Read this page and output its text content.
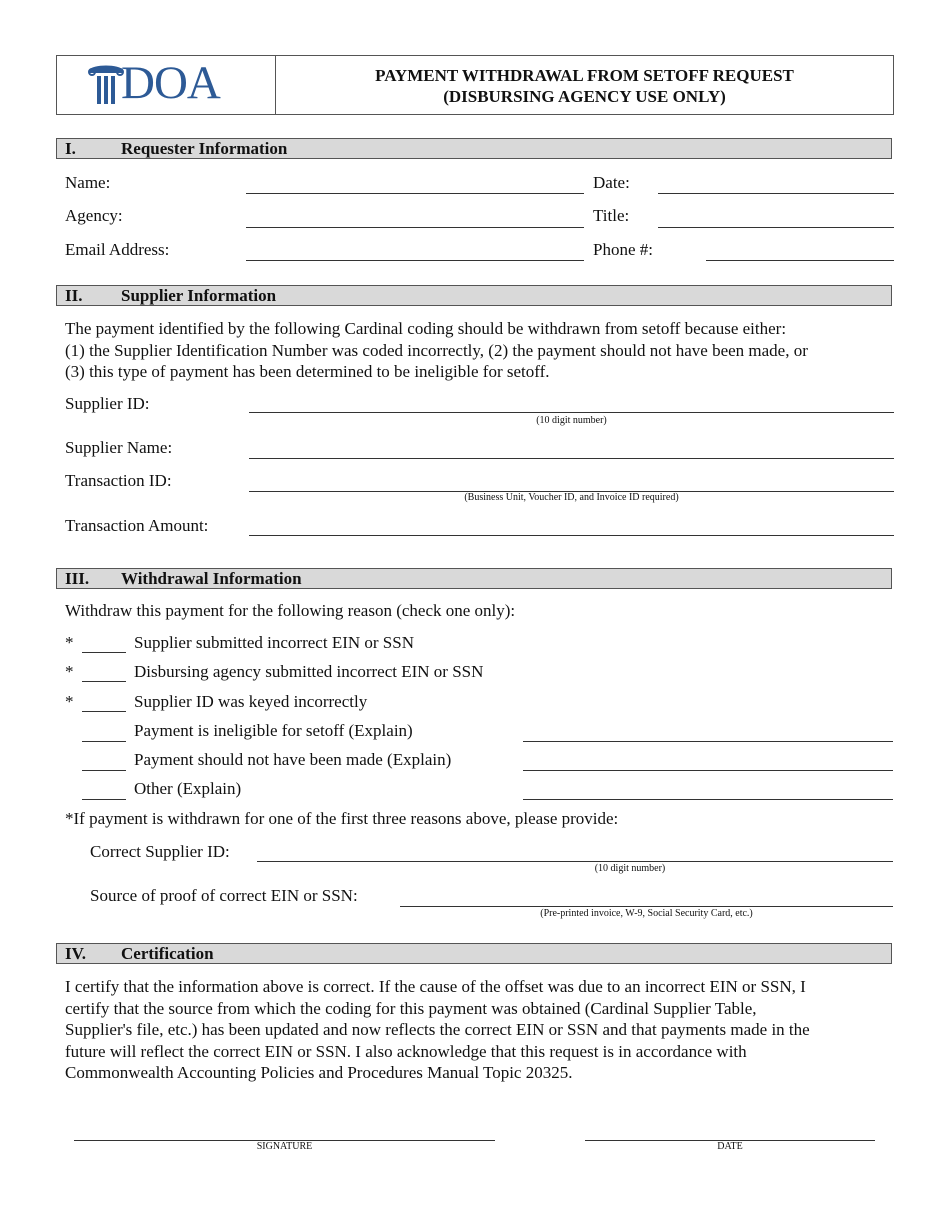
DOA	PAYMENT WITHDRAWAL FROM SETOFF REQUEST
(DISBURSING AGENCY USE ONLY)
I.	Requester Information
Name:	Date:
Agency:	Title:
Email Address:	Phone #:
II. Supplier Information
The payment identified by the following Cardinal coding should be withdrawn from setoff because either:
(1) the Supplier Identification Number was coded incorrectly, (2) the payment should not have been made, or
(3) this type of payment has been determined to be ineligible for setoff.
Supplier ID:
(10 digit number)
Supplier Name:
Transaction ID:
(Business Unit, Voucher ID, and Invoice ID required)
Transaction Amount:
III. Withdrawal Information
Withdraw this payment for the following reason (check one only):
*	Supplier submitted incorrect EIN or SSN
*	Disbursing agency submitted incorrect EIN or SSN
*	Supplier ID was keyed incorrectly
Payment is ineligible for setoff (Explain)
Payment should not have been made (Explain)
Other (Explain)
*If payment is withdrawn for one of the first three reasons above, please provide:
Correct Supplier ID:
(10 digit number)
Source of proof of correct EIN or SSN:
(Pre-printed invoice, W-9, Social Security Card, etc.)
IV. Certification
I certify that the information above is correct. If the cause of the offset was due to an incorrect EIN or SSN, I
certify that the source from which the coding for this payment was obtained (Cardinal Supplier Table,
Supplier's file, etc.) has been updated and now reflects the correct EIN or SSN and that payments made in the
future will reflect the correct EIN or SSN. I also acknowledge that this request is in accordance with
Commonwealth Accounting Policies and Procedures Manual Topic 20325.
SIGNATURE	DATE
